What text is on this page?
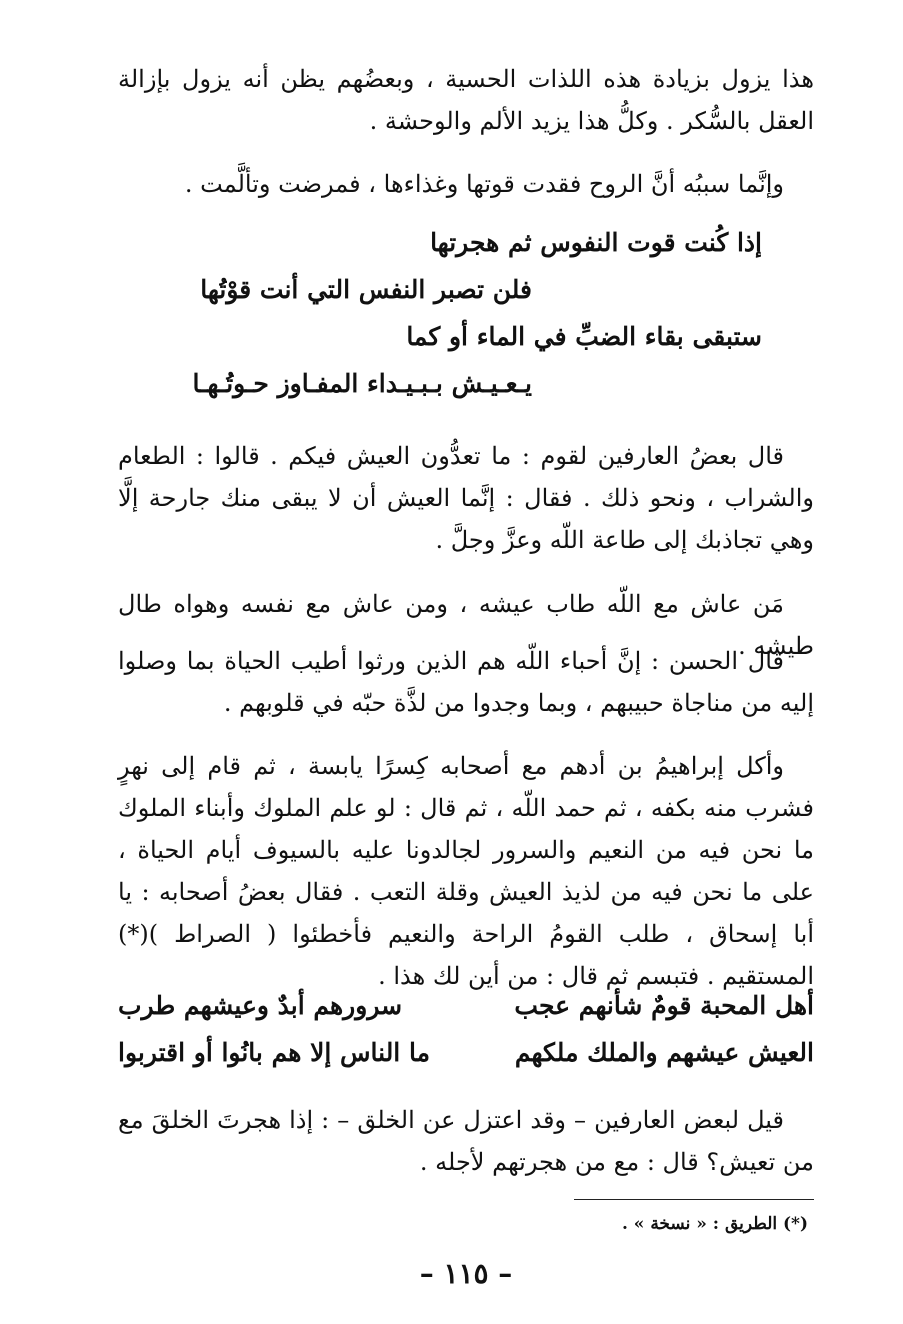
هذا يزول بزيادة هذه اللذات الحسية ، وبعضُهم يظن أنه يزول بإزالة العقل بالسُّكر . وكلُّ هذا يزيد الألم والوحشة .

وإنَّما سببُه أنَّ الروح فقدت قوتها وغذاءها ، فمرضت وتألَّمت .

إذا كُنت قوت النفوس ثم هجرتها

فلن تصبر النفس التي أنت قوْتُها

ستبقى بقاء الضبِّ في الماء أو كما

يـعـيـش بـبـيـداء المفـاوز حـوتُـهـا

قال بعضُ العارفين لقوم : ما تعدُّون العيش فيكم . قالوا : الطعام والشراب ، ونحو ذلك . فقال : إنَّما العيش أن لا يبقى منك جارحة إلَّا وهي تجاذبك إلى طاعة اللّه وعزَّ وجلَّ .

مَن عاش مع اللّه طاب عيشه ، ومن عاش مع نفسه وهواه طال طيشه .

قال الحسن : إنَّ أحباء اللّه هم الذين ورثوا أطيب الحياة بما وصلوا إليه من مناجاة حبيبهم ، وبما وجدوا من لذَّة حبّه في قلوبهم .

وأكل إبراهيمُ بن أدهم مع أصحابه كِسرًا يابسة ، ثم قام إلى نهرٍ فشرب منه بكفه ، ثم حمد اللّه ، ثم قال : لو علم الملوك وأبناء الملوك ما نحن فيه من النعيم والسرور لجالدونا عليه بالسيوف أيام الحياة ، على ما نحن فيه من لذيذ العيش وقلة التعب . فقال بعضُ أصحابه : يا أبا إسحاق ، طلب القومُ الراحة والنعيم فأخطئوا ( الصراط )(*) المستقيم . فتبسم ثم قال : من أين لك هذا .

أهل المحبة قومٌ شأنهم عجب
سرورهم أبدٌ وعيشهم طرب
العيش عيشهم والملك ملكهم
ما الناس إلا هم بانُوا أو اقتربوا

قيل لبعض العارفين – وقد اعتزل عن الخلق – : إذا هجرتَ الخلقَ مع من تعيش؟ قال : مع من هجرتهم لأجله .

(*) الطريق : « نسخة » .
– ١١٥ –
